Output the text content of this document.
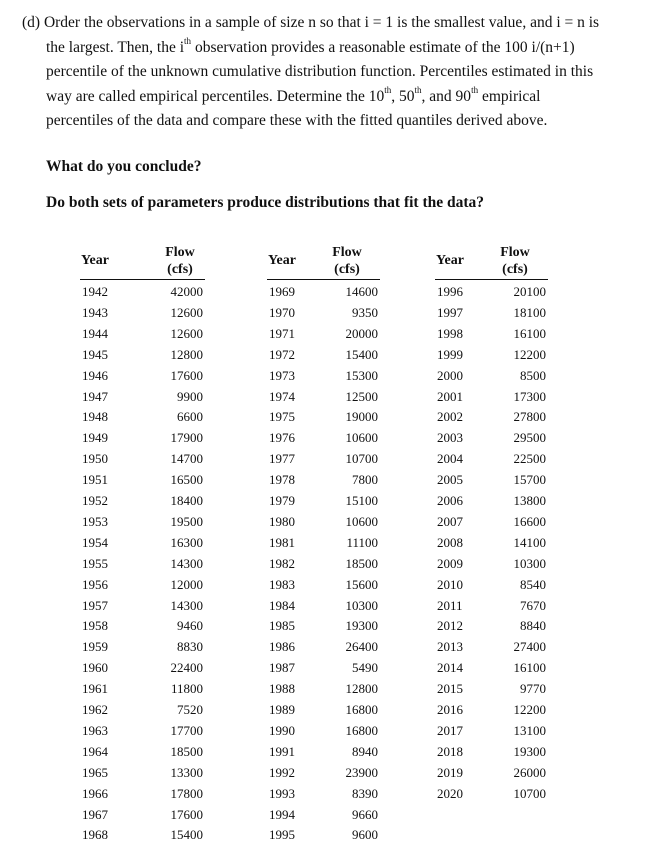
(d) Order the observations in a sample of size n so that i = 1 is the smallest value, and i = n is
the largest. Then, the $i^{th}$ observation provides a reasonable estimate of the 100 i/(n+1)
percentile of the unknown cumulative distribution function. Percentiles estimated in this
way are called empirical percentiles. Determine the 10th, 50th, and 90th empirical
percentiles of the data and compare these with the fitted quantiles derived above.
What do you conclude?
Do both sets of parameters produce distributions that fit the data?
Year
Flow
(cfs)
1942	42000
1943	12600
1944	12600
1945	12800
1946	17600
1947	9900
1948	6600
1949	17900
1950	14700
1951	16500
1952	18400
1953	19500
1954	16300
1955	14300
1956	12000
1957	14300
1958	9460
1959	8830
1960	22400
1961	11800
1962	7520
1963	17700
1964	18500
1965	13300
1966	17800
1967	17600
1968	15400
Year
Flow
(cfs)
1969	14600
1970	9350
1971	20000
1972	15400
1973	15300
1974	12500
1975	19000
1976	10600
1977	10700
1978	7800
1979	15100
1980	10600
1981	11100
1982	18500
1983	15600
1984	10300
1985	19300
1986	26400
1987	5490
1988	12800
1989	16800
1990	16800
1991	8940
1992	23900
1993	8390
1994	9660
1995	9600
Year
Flow
(cfs)
1996	20100
1997	18100
1998	16100
1999	12200
2000	8500
2001	17300
2002	27800
2003	29500
2004	22500
2005	15700
2006	13800
2007	16600
2008	14100
2009	10300
2010	8540
2011	7670
2012	8840
2013	27400
2014	16100
2015	9770
2016	12200
2017	13100
2018	19300
2019	26000
2020	10700
